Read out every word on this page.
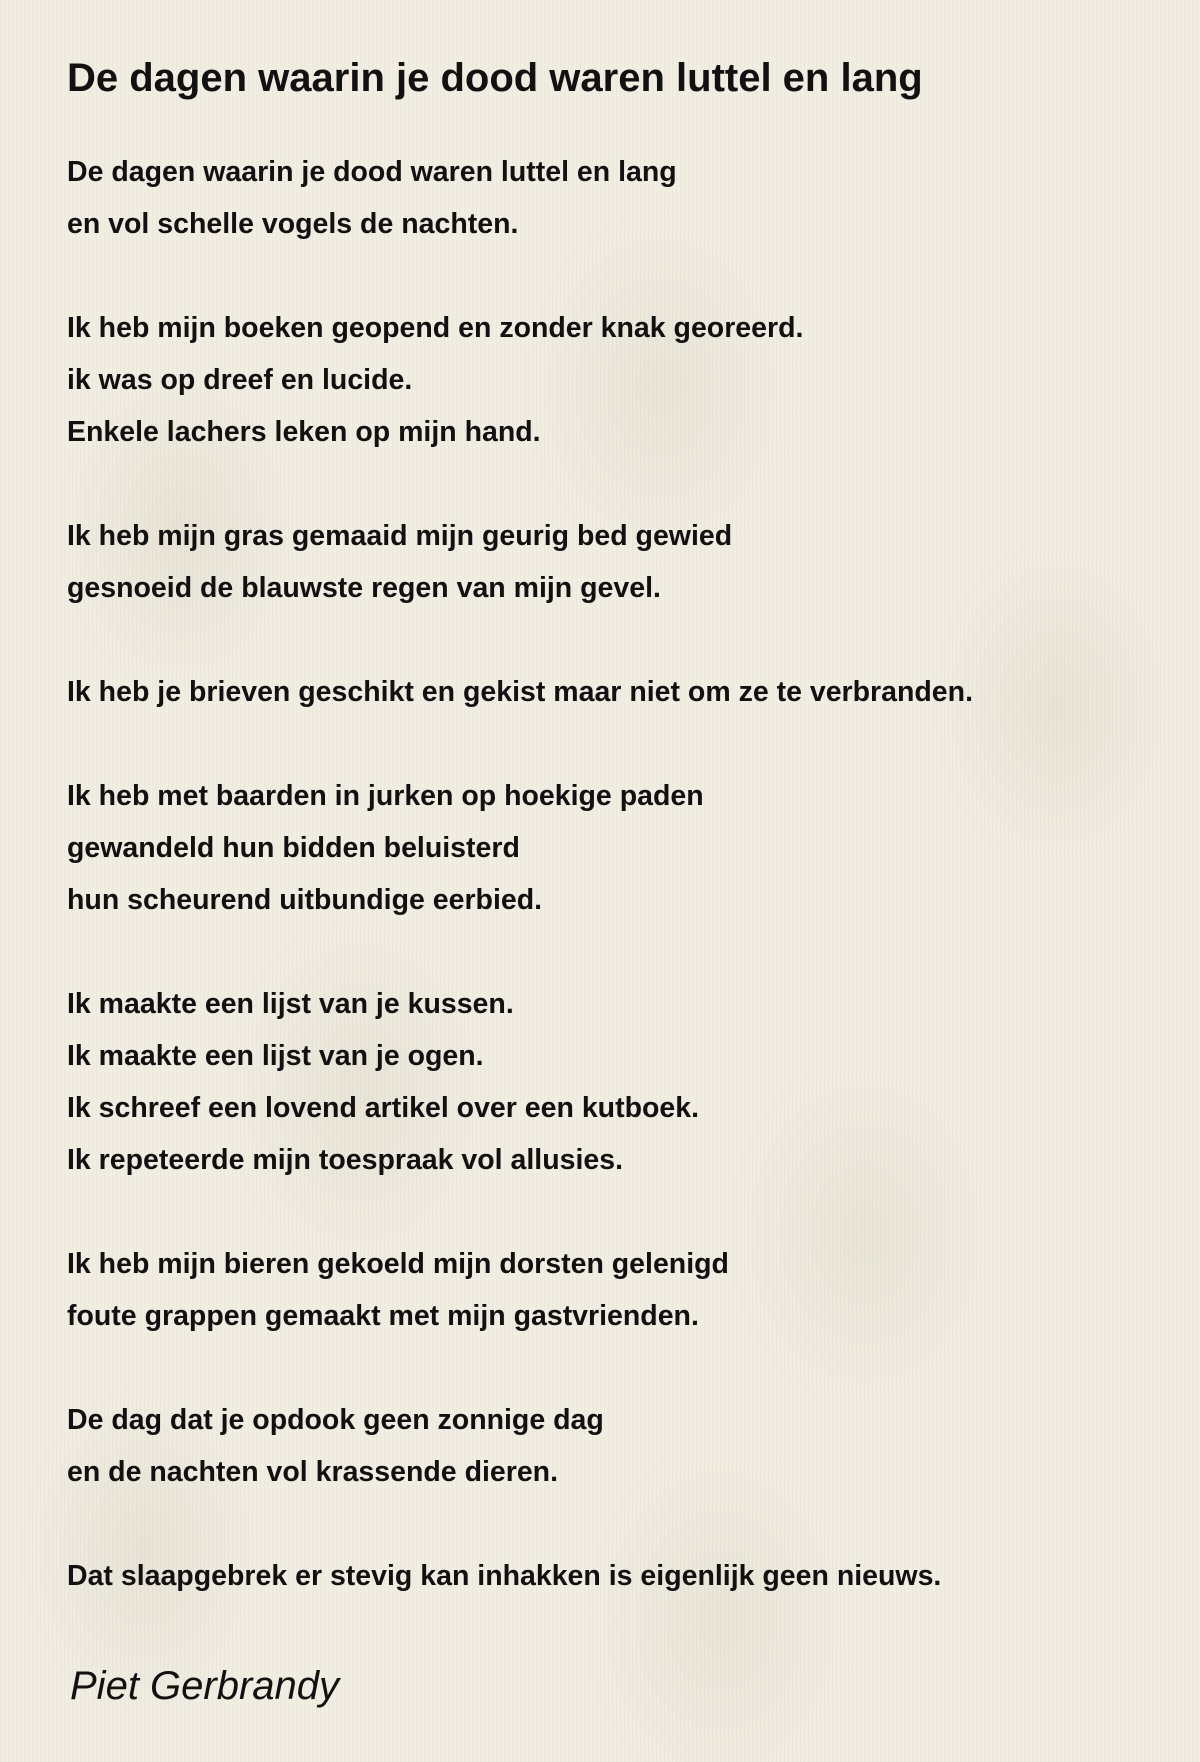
De dagen waarin je dood waren luttel en lang
De dagen waarin je dood waren luttel en lang
en vol schelle vogels de nachten.
Ik heb mijn boeken geopend en zonder knak georeerd.
ik was op dreef en lucide.
Enkele lachers leken op mijn hand.
Ik heb mijn gras gemaaid mijn geurig bed gewied
gesnoeid de blauwste regen van mijn gevel.
Ik heb je brieven geschikt en gekist maar niet om ze te verbranden.
Ik heb met baarden in jurken op hoekige paden
gewandeld hun bidden beluisterd
hun scheurend uitbundige eerbied.
Ik maakte een lijst van je kussen.
Ik maakte een lijst van je ogen.
Ik schreef een lovend artikel over een kutboek.
Ik repeteerde mijn toespraak vol allusies.
Ik heb mijn bieren gekoeld mijn dorsten gelenigd
foute grappen gemaakt met mijn gastvrienden.
De dag dat je opdook geen zonnige dag
en de nachten vol krassende dieren.
Dat slaapgebrek er stevig kan inhakken is eigenlijk geen nieuws.
Piet Gerbrandy
